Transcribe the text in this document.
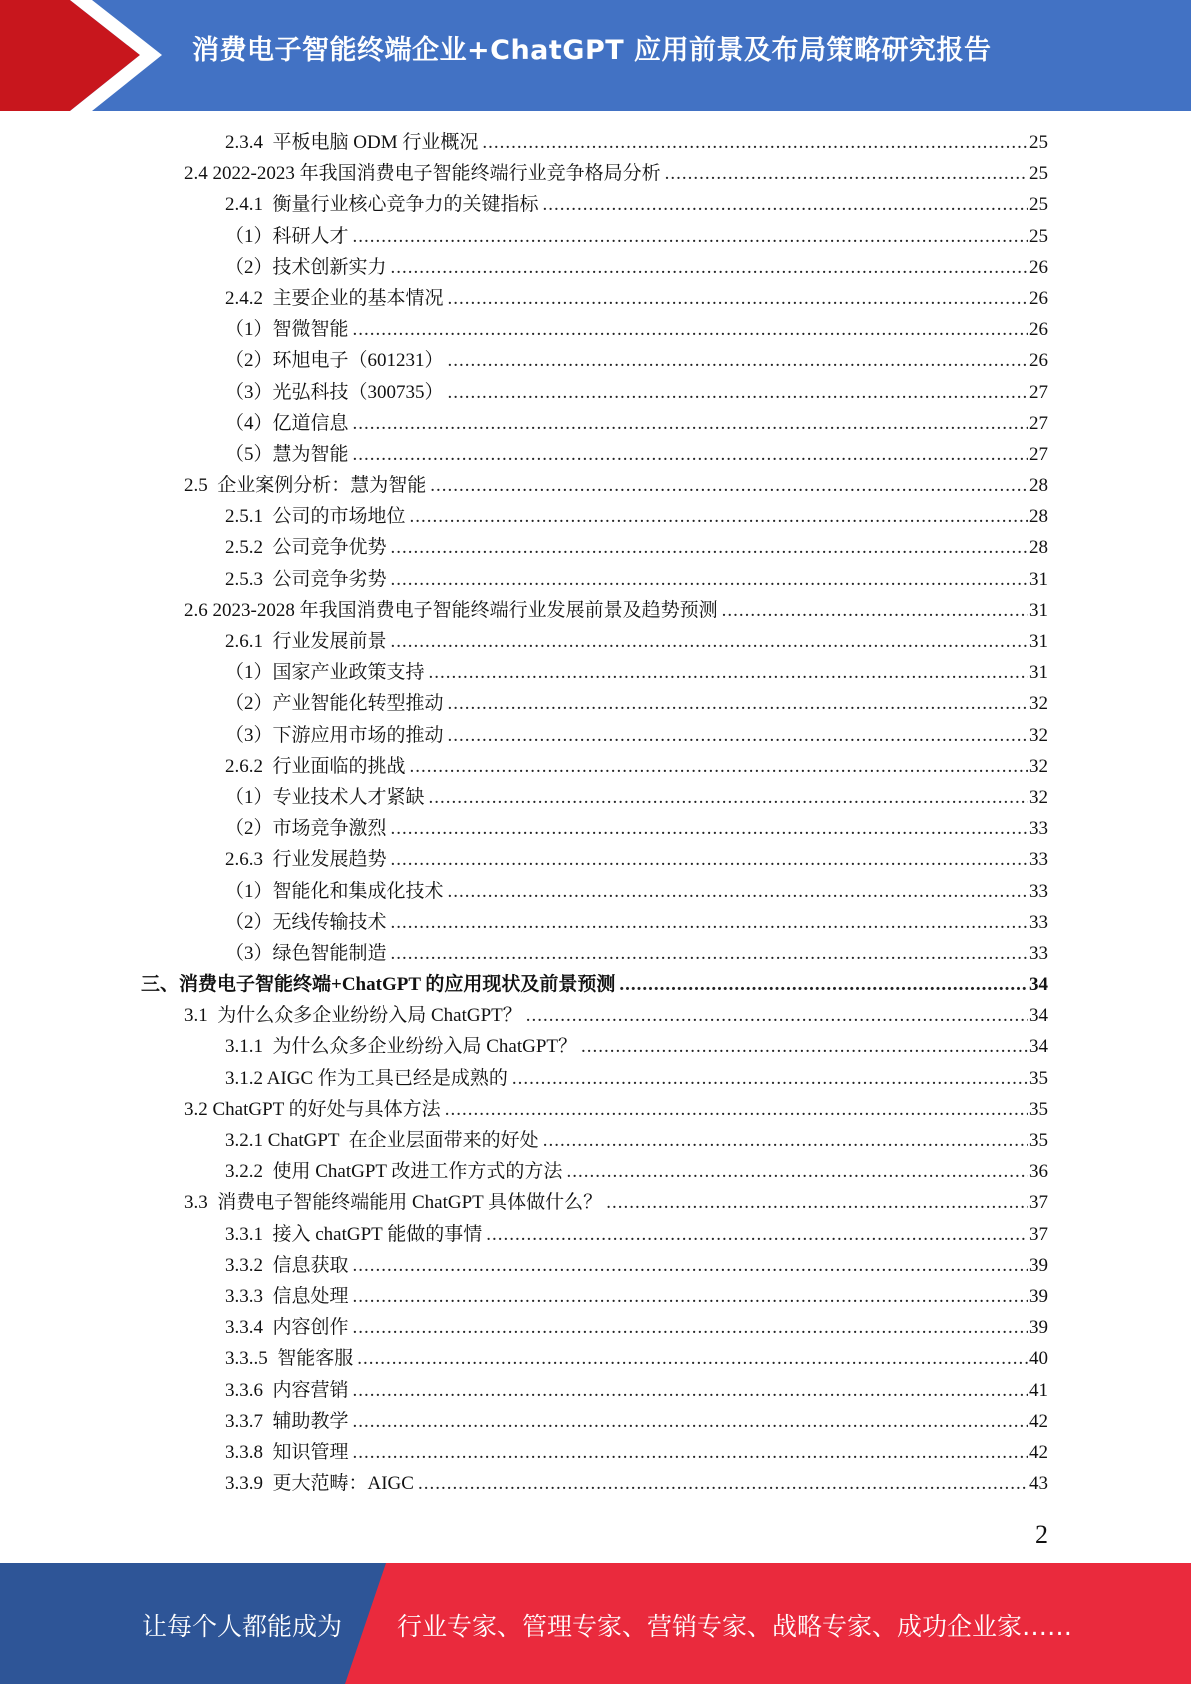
消费电子智能终端企业+ChatGPT 应用前景及布局策略研究报告
2.3.4  平板电脑 ODM 行业概况 .....	25
2.4 2022-2023 年我国消费电子智能终端行业竞争格局分析 .....	25
2.4.1  衡量行业核心竞争力的关键指标 .....	25
（1）科研人才 .....	25
（2）技术创新实力 .....	26
2.4.2  主要企业的基本情况 .....	26
（1）智微智能 .....	26
（2）环旭电子（601231） .....	26
（3）光弘科技（300735） .....	27
（4）亿道信息 .....	27
（5）慧为智能 .....	27
2.5  企业案例分析：慧为智能 .....	28
2.5.1  公司的市场地位 .....	28
2.5.2  公司竞争优势 .....	28
2.5.3  公司竞争劣势 .....	31
2.6 2023-2028 年我国消费电子智能终端行业发展前景及趋势预测 .....	31
2.6.1  行业发展前景 .....	31
（1）国家产业政策支持 .....	31
（2）产业智能化转型推动 .....	32
（3）下游应用市场的推动 .....	32
2.6.2  行业面临的挑战 .....	32
（1）专业技术人才紧缺 .....	32
（2）市场竞争激烈 .....	33
2.6.3  行业发展趋势 .....	33
（1）智能化和集成化技术 .....	33
（2）无线传输技术 .....	33
（3）绿色智能制造 .....	33
三、消费电子智能终端+ChatGPT 的应用现状及前景预测 .....	34
3.1  为什么众多企业纷纷入局 ChatGPT？ .....	34
3.1.1  为什么众多企业纷纷入局 ChatGPT？ .....	34
3.1.2 AIGC 作为工具已经是成熟的 .....	35
3.2 ChatGPT 的好处与具体方法 .....	35
3.2.1 ChatGPT  在企业层面带来的好处 .....	35
3.2.2  使用 ChatGPT 改进工作方式的方法 .....	36
3.3  消费电子智能终端能用 ChatGPT 具体做什么？ .....	37
3.3.1  接入 chatGPT 能做的事情 .....	37
3.3.2  信息获取 .....	39
3.3.3  信息处理 .....	39
3.3.4  内容创作 .....	39
3.3..5  智能客服 .....	40
3.3.6  内容营销 .....	41
3.3.7  辅助教学 .....	42
3.3.8  知识管理 .....	42
3.3.9  更大范畴：AIGC .....	43
2
让每个人都能成为 行业专家、管理专家、营销专家、战略专家、成功企业家……
